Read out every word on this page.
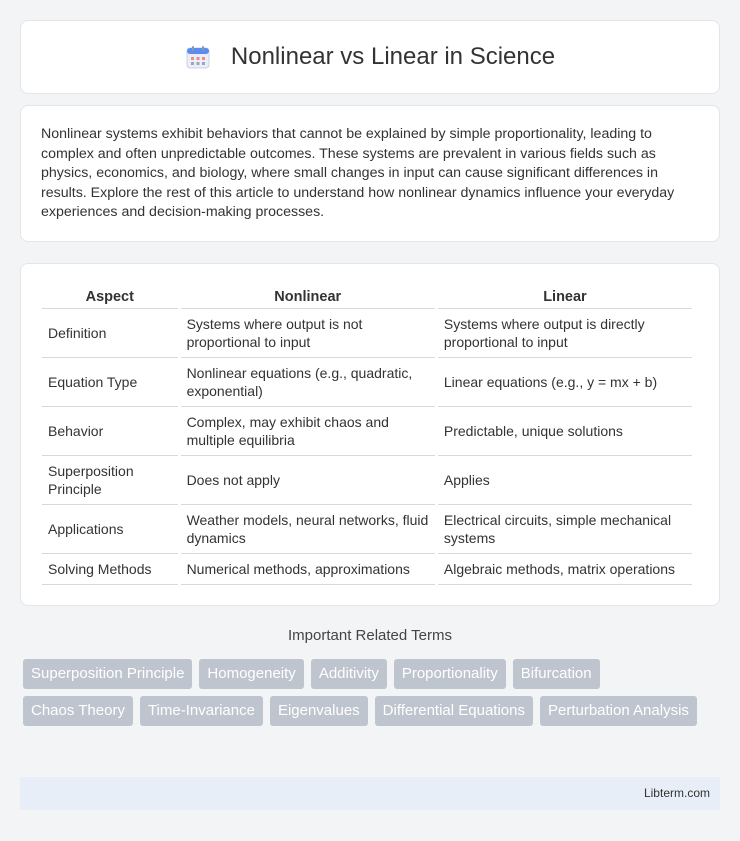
Nonlinear vs Linear in Science

Nonlinear systems exhibit behaviors that cannot be explained by simple proportionality, leading to complex and often unpredictable outcomes. These systems are prevalent in various fields such as physics, economics, and biology, where small changes in input can cause significant differences in results. Explore the rest of this article to understand how nonlinear dynamics influence your everyday experiences and decision-making processes.

Aspect	Nonlinear	Linear
Definition	Systems where output is not proportional to input	Systems where output is directly proportional to input
Equation Type	Nonlinear equations (e.g., quadratic, exponential)	Linear equations (e.g., y = mx + b)
Behavior	Complex, may exhibit chaos and multiple equilibria	Predictable, unique solutions
Superposition Principle	Does not apply	Applies
Applications	Weather models, neural networks, fluid dynamics	Electrical circuits, simple mechanical systems
Solving Methods	Numerical methods, approximations	Algebraic methods, matrix operations
Important Related Terms
Superposition Principle	Homogeneity	Additivity	Proportionality	Bifurcation
Chaos Theory	Time-Invariance	Eigenvalues	Differential Equations	Perturbation Analysis
Libterm.com
